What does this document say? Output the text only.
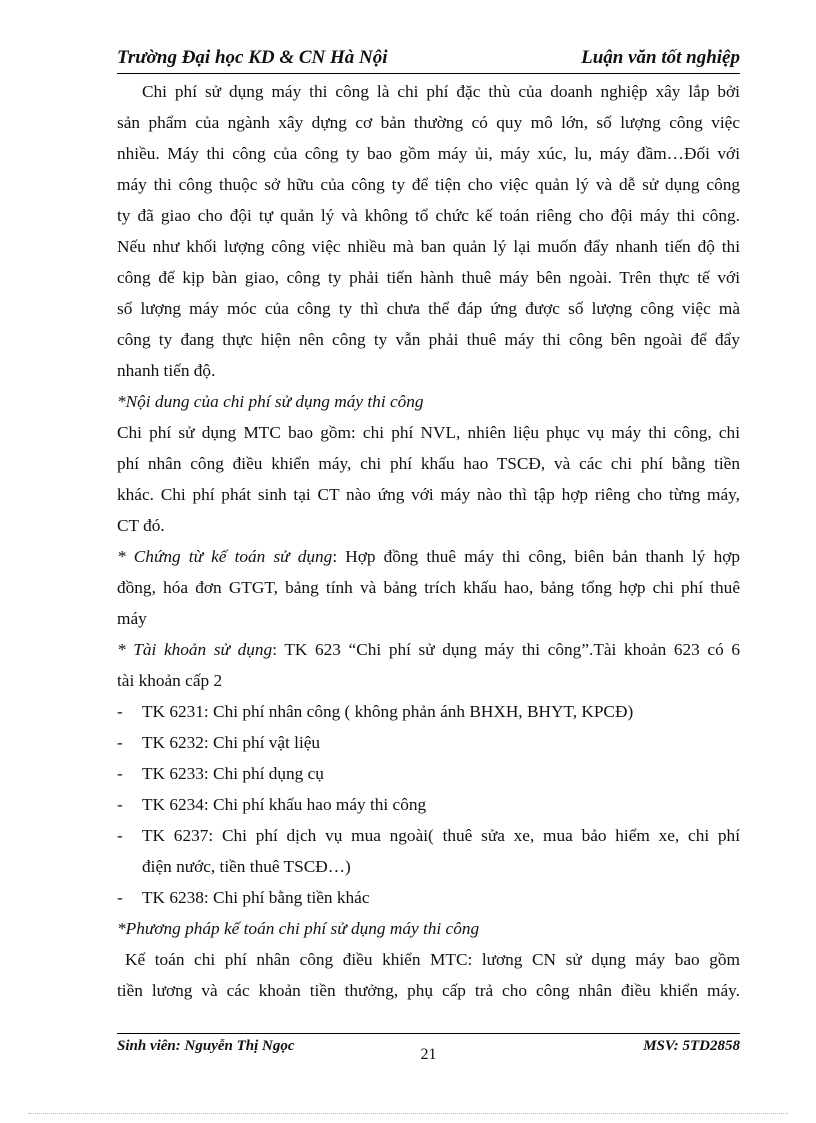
Trường Đại học KD & CN Hà Nội	Luận văn tốt nghiệp
Chi phí sử dụng máy thi công là chi phí đặc thù của doanh nghiệp xây lắp bởi
sản phẩm của ngành xây dựng cơ bản thường có quy mô lớn, số lượng công việc
nhiều. Máy thi công của công ty bao gồm máy ủi, máy xúc, lu, máy đầm…Đối với
máy thi công thuộc sở hữu của công ty để tiện cho việc quản lý và dễ sử dụng công
ty đã giao cho đội tự quản lý và không tổ chức kế toán riêng cho đội máy thi công.
Nếu như khối lượng công việc nhiều mà ban quản lý lại muốn đẩy nhanh tiến độ thi
công để kịp bàn giao, công ty phải tiến hành thuê máy bên ngoài. Trên thực tế với
số lượng máy móc của công ty thì chưa thể đáp ứng được số lượng công việc mà
công ty đang thực hiện nên công ty vẫn phải thuê máy thi công bên ngoài để đẩy
nhanh tiến độ.
*Nội dung của chi phí sử dụng máy thi công
Chi phí sử dụng MTC bao gồm: chi phí NVL, nhiên liệu phục vụ máy thi công, chi
phí nhân công điều khiển máy, chi phí khấu hao TSCĐ, và các chi phí bằng tiền
khác. Chi phí phát sinh tại CT nào ứng với máy nào thì tập hợp riêng cho từng máy,
CT đó.
* Chứng từ kế toán sử dụng: Hợp đồng thuê máy thi công, biên bản thanh lý hợp
đồng, hóa đơn GTGT, bảng tính và bảng trích khấu hao, bảng tổng hợp chi phí thuê
máy
* Tài khoản sử dụng: TK 623 “Chi phí sử dụng máy thi công”.Tài khoản 623 có 6
tài khoản cấp 2
- TK 6231: Chi phí nhân công ( không phản ánh BHXH, BHYT, KPCĐ)
- TK 6232: Chi phí vật liệu
- TK 6233: Chi phí dụng cụ
- TK 6234: Chi phí khấu hao máy thi công
- TK 6237: Chi phí dịch vụ mua ngoài( thuê sửa xe, mua bảo hiểm xe, chi phí
điện nước, tiền thuê TSCĐ…)
- TK 6238: Chi phí bằng tiền khác
*Phương pháp kế toán chi phí sử dụng máy thi công
Kế toán chi phí nhân công điều khiển MTC: lương CN sử dụng máy bao gồm
tiền lương và các khoản tiền thưởng, phụ cấp trả cho công nhân điều khiển máy.
Sinh viên: Nguyễn Thị Ngọc	21	MSV: 5TD2858
